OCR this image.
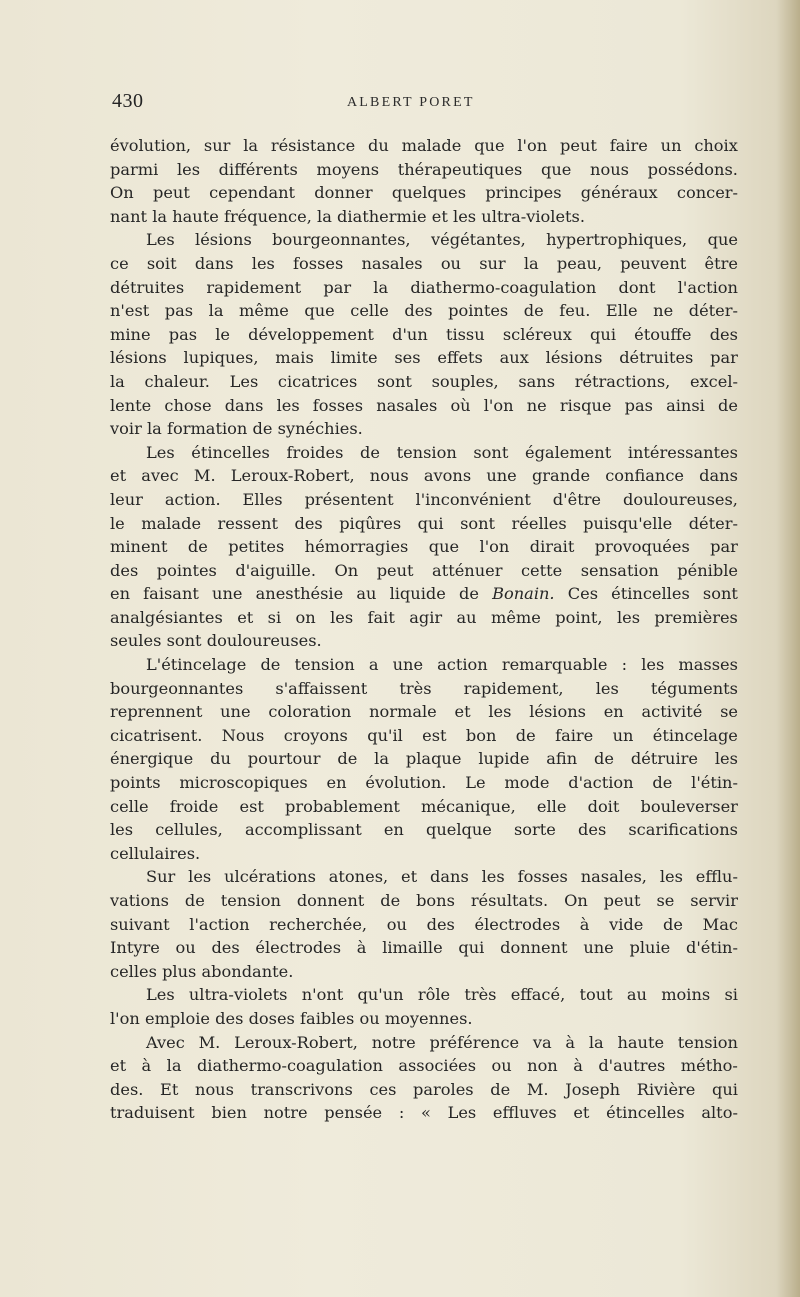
430	ALBERT PORET
évolution, sur la résistance du malade que l'on peut faire un choix
parmi les différents moyens thérapeutiques que nous possédons.
On peut cependant donner quelques principes généraux concer-
nant la haute fréquence, la diathermie et les ultra-violets.
Les lésions bourgeonnantes, végétantes, hypertrophiques, que
ce soit dans les fosses nasales ou sur la peau, peuvent être
détruites rapidement par la diathermo-coagulation dont l'action
n'est pas la même que celle des pointes de feu. Elle ne déter-
mine pas le développement d'un tissu scléreux qui étouffe des
lésions lupiques, mais limite ses effets aux lésions détruites par
la chaleur. Les cicatrices sont souples, sans rétractions, excel-
lente chose dans les fosses nasales où l'on ne risque pas ainsi de
voir la formation de synéchies.
Les étincelles froides de tension sont également intéressantes
et avec M. Leroux-Robert, nous avons une grande confiance dans
leur action. Elles présentent l'inconvénient d'être douloureuses,
le malade ressent des piqûres qui sont réelles puisqu'elle déter-
minent de petites hémorragies que l'on dirait provoquées par
des pointes d'aiguille. On peut atténuer cette sensation pénible
en faisant une anesthésie au liquide de Bonain. Ces étincelles sont
analgésiantes et si on les fait agir au même point, les premières
seules sont douloureuses.
L'étincelage de tension a une action remarquable : les masses
bourgeonnantes s'affaissent très rapidement, les téguments
reprennent une coloration normale et les lésions en activité se
cicatrisent. Nous croyons qu'il est bon de faire un étincelage
énergique du pourtour de la plaque lupide afin de détruire les
points microscopiques en évolution. Le mode d'action de l'étin-
celle froide est probablement mécanique, elle doit bouleverser
les cellules, accomplissant en quelque sorte des scarifications
cellulaires.
Sur les ulcérations atones, et dans les fosses nasales, les efflu-
vations de tension donnent de bons résultats. On peut se servir
suivant l'action recherchée, ou des électrodes à vide de Mac
Intyre ou des électrodes à limaille qui donnent une pluie d'étin-
celles plus abondante.
Les ultra-violets n'ont qu'un rôle très effacé, tout au moins si
l'on emploie des doses faibles ou moyennes.
Avec M. Leroux-Robert, notre préférence va à la haute tension
et à la diathermo-coagulation associées ou non à d'autres métho-
des. Et nous transcrivons ces paroles de M. Joseph Rivière qui
traduisent bien notre pensée : « Les effluves et étincelles alto-
